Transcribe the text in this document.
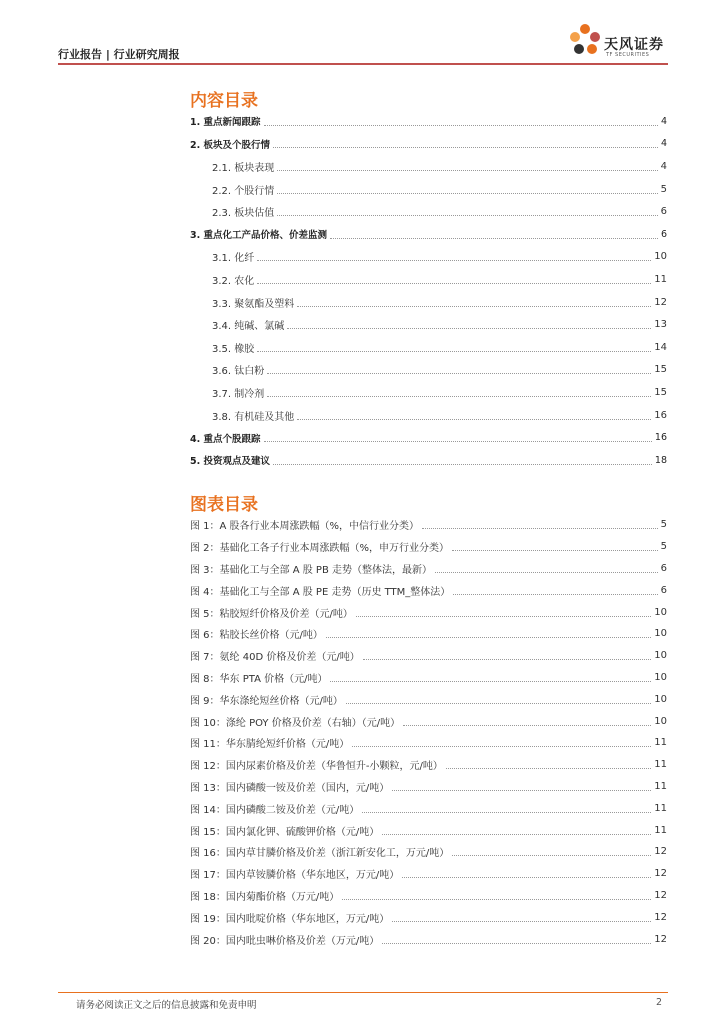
行业报告 | 行业研究周报
天风证券
TF SECURITIES
内容目录
1. 重点新闻跟踪	4
2. 板块及个股行情	4
2.1. 板块表现	4
2.2. 个股行情	5
2.3. 板块估值	6
3. 重点化工产品价格、价差监测	6
3.1. 化纤	10
3.2. 农化	11
3.3. 聚氨酯及塑料	12
3.4. 纯碱、氯碱	13
3.5. 橡胶	14
3.6. 钛白粉	15
3.7. 制冷剂	15
3.8. 有机硅及其他	16
4. 重点个股跟踪	16
5. 投资观点及建议	18
图表目录
图 1：A 股各行业本周涨跌幅（%，中信行业分类）	5
图 2：基础化工各子行业本周涨跌幅（%，申万行业分类）	5
图 3：基础化工与全部 A 股 PB 走势（整体法，最新）	6
图 4：基础化工与全部 A 股 PE 走势（历史 TTM_整体法）	6
图 5：粘胶短纤价格及价差（元/吨）	10
图 6：粘胶长丝价格（元/吨）	10
图 7：氨纶 40D 价格及价差（元/吨）	10
图 8：华东 PTA 价格（元/吨）	10
图 9：华东涤纶短丝价格（元/吨）	10
图 10：涤纶 POY 价格及价差（右轴）（元/吨）	10
图 11：华东腈纶短纤价格（元/吨）	11
图 12：国内尿素价格及价差（华鲁恒升-小颗粒，元/吨）	11
图 13：国内磷酸一铵及价差（国内，元/吨）	11
图 14：国内磷酸二铵及价差（元/吨）	11
图 15：国内氯化钾、硫酸钾价格（元/吨）	11
图 16：国内草甘膦价格及价差（浙江新安化工，万元/吨）	12
图 17：国内草铵膦价格（华东地区，万元/吨）	12
图 18：国内菊酯价格（万元/吨）	12
图 19：国内吡啶价格（华东地区，万元/吨）	12
图 20：国内吡虫啉价格及价差（万元/吨）	12
请务必阅读正文之后的信息披露和免责申明	2
